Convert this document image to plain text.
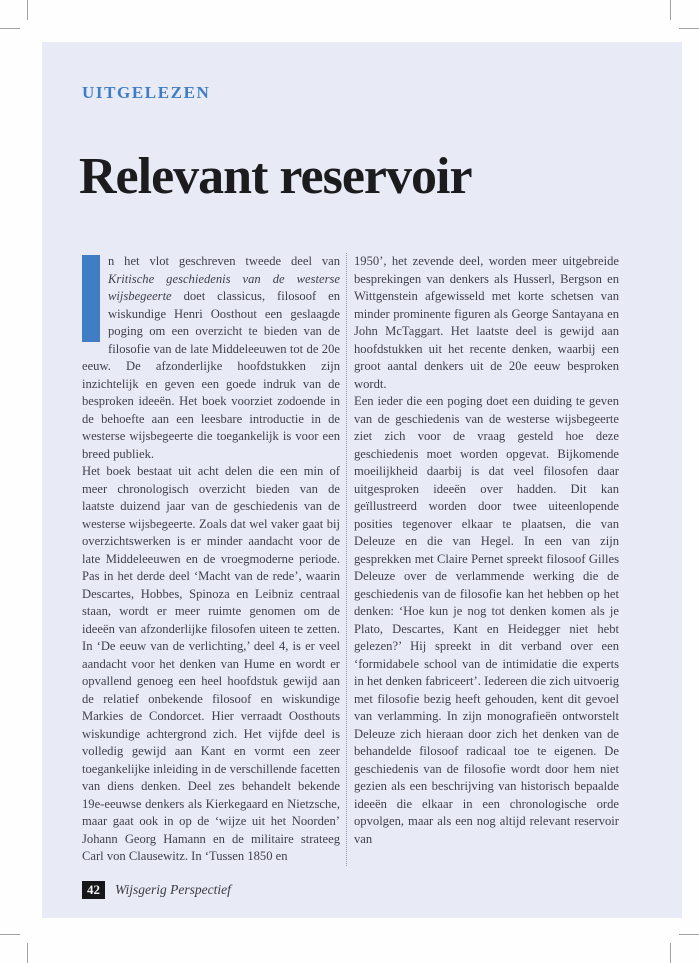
UITGELEZEN
Relevant reservoir

n het vlot geschreven tweede deel van Kritische geschiedenis van de westerse wijsbegeerte doet classicus, filosoof en wiskundige Henri Oosthout een geslaagde poging om een overzicht te bieden van de filosofie van de late Middeleeuwen tot de 20e eeuw. De afzonderlijke hoofdstukken zijn inzichtelijk en geven een goede indruk van de besproken ideeën. Het boek voorziet zodoende in de behoefte aan een leesbare introductie in de westerse wijsbegeerte die toegankelijk is voor een breed publiek.

Het boek bestaat uit acht delen die een min of meer chronologisch overzicht bieden van de laatste duizend jaar van de geschiedenis van de westerse wijsbegeerte. Zoals dat wel vaker gaat bij overzichtswerken is er minder aandacht voor de late Middeleeuwen en de vroegmoderne periode. Pas in het derde deel ‘Macht van de rede’, waarin Descartes, Hobbes, Spinoza en Leibniz centraal staan, wordt er meer ruimte genomen om de ideeën van afzonderlijke filosofen uiteen te zetten. In ‘De eeuw van de verlichting,’ deel 4, is er veel aandacht voor het denken van Hume en wordt er opvallend genoeg een heel hoofdstuk gewijd aan de relatief onbekende filosoof en wiskundige Markies de Condorcet. Hier verraadt Oosthouts wiskundige achtergrond zich. Het vijfde deel is volledig gewijd aan Kant en vormt een zeer toegankelijke inleiding in de verschillende facetten van diens denken. Deel zes behandelt bekende 19e-eeuwse denkers als Kierkegaard en Nietzsche, maar gaat ook in op de ‘wijze uit het Noorden’ Johann Georg Hamann en de militaire strateeg Carl von Clausewitz. In ‘Tussen 1850 en

1950’, het zevende deel, worden meer uitgebreide besprekingen van denkers als Husserl, Bergson en Wittgenstein afgewisseld met korte schetsen van minder prominente figuren als George Santayana en John McTaggart. Het laatste deel is gewijd aan hoofdstukken uit het recente denken, waarbij een groot aantal denkers uit de 20e eeuw besproken wordt.

Een ieder die een poging doet een duiding te geven van de geschiedenis van de westerse wijsbegeerte ziet zich voor de vraag gesteld hoe deze geschiedenis moet worden opgevat. Bijkomende moeilijkheid daarbij is dat veel filosofen daar uitgesproken ideeën over hadden. Dit kan geïllustreerd worden door twee uiteenlopende posities tegenover elkaar te plaatsen, die van Deleuze en die van Hegel. In een van zijn gesprekken met Claire Pernet spreekt filosoof Gilles Deleuze over de verlammende werking die de geschiedenis van de filosofie kan het hebben op het denken: ‘Hoe kun je nog tot denken komen als je Plato, Descartes, Kant en Heidegger niet hebt gelezen?’ Hij spreekt in dit verband over een ‘formidabele school van de intimidatie die experts in het denken fabriceert’. Iedereen die zich uitvoerig met filosofie bezig heeft gehouden, kent dit gevoel van verlamming. In zijn monografieën ontworstelt Deleuze zich hieraan door zich het denken van de behandelde filosoof radicaal toe te eigenen. De geschiedenis van de filosofie wordt door hem niet gezien als een beschrijving van historisch bepaalde ideeën die elkaar in een chronologische orde opvolgen, maar als een nog altijd relevant reservoir van

42	Wijsgerig Perspectief
